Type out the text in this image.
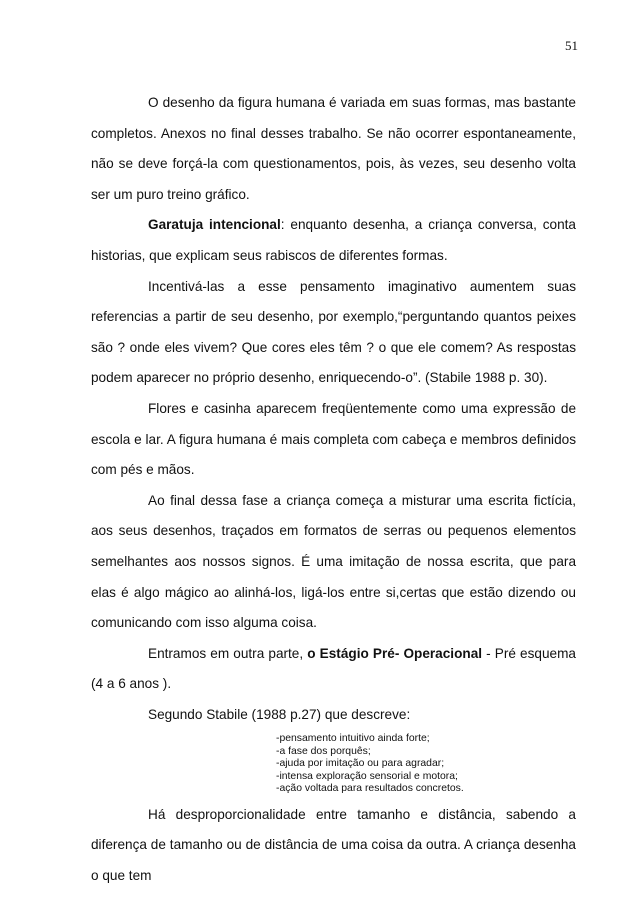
51

O desenho da figura humana é variada em suas formas, mas bastante completos. Anexos no final desses trabalho. Se não ocorrer espontaneamente, não se deve forçá-la com questionamentos, pois, às vezes, seu desenho volta ser um puro treino gráfico.

Garatuja intencional: enquanto desenha, a criança conversa, conta historias, que explicam seus rabiscos de diferentes formas.

Incentivá-las a esse pensamento imaginativo aumentem suas referencias a partir de seu desenho, por exemplo,“perguntando quantos peixes são ? onde eles vivem? Que cores eles têm ? o que ele comem? As respostas podem aparecer no próprio desenho, enriquecendo-o”. (Stabile 1988 p. 30).

Flores e casinha aparecem freqüentemente como uma expressão de escola e lar. A figura humana é mais completa com cabeça e membros definidos com pés e mãos.

Ao final dessa fase a criança começa a misturar uma escrita fictícia, aos seus desenhos, traçados em formatos de serras ou pequenos elementos semelhantes aos nossos signos. É uma imitação de nossa escrita, que para elas é algo mágico ao alinhá-los, ligá-los entre si,certas que estão dizendo ou comunicando com isso alguma coisa.

Entramos em outra parte, o Estágio Pré- Operacional - Pré esquema (4 a 6 anos ).

Segundo Stabile (1988 p.27) que descreve:

-pensamento intuitivo ainda forte;
-a fase dos porquês;
-ajuda por imitação ou para agradar;
-intensa exploração sensorial e motora;
-ação voltada para resultados concretos.

Há desproporcionalidade entre tamanho e distância, sabendo a diferença de tamanho ou de distância de uma coisa da outra. A criança desenha o que tem
